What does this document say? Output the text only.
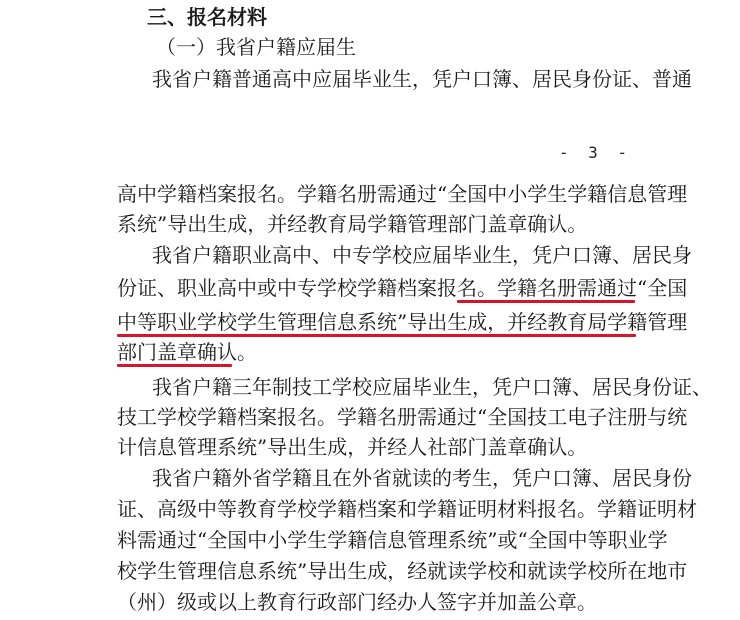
三、报名材料
（一）我省户籍应届生
我省户籍普通高中应届毕业生，凭户口簿、居民身份证、普通
- 3 -
高中学籍档案报名。学籍名册需通过“全国中小学生学籍信息管理
系统”导出生成，并经教育局学籍管理部门盖章确认。
我省户籍职业高中、中专学校应届毕业生，凭户口簿、居民身
份证、职业高中或中专学校学籍档案报名。学籍名册需通过“全国
中等职业学校学生管理信息系统”导出生成，并经教育局学籍管理
部门盖章确认。
我省户籍三年制技工学校应届毕业生，凭户口簿、居民身份证、
技工学校学籍档案报名。学籍名册需通过“全国技工电子注册与统
计信息管理系统”导出生成，并经人社部门盖章确认。
我省户籍外省学籍且在外省就读的考生，凭户口簿、居民身份
证、高级中等教育学校学籍档案和学籍证明材料报名。学籍证明材
料需通过“全国中小学生学籍信息管理系统”或“全国中等职业学
校学生管理信息系统”导出生成，经就读学校和就读学校所在地市
（州）级或以上教育行政部门经办人签字并加盖公章。
